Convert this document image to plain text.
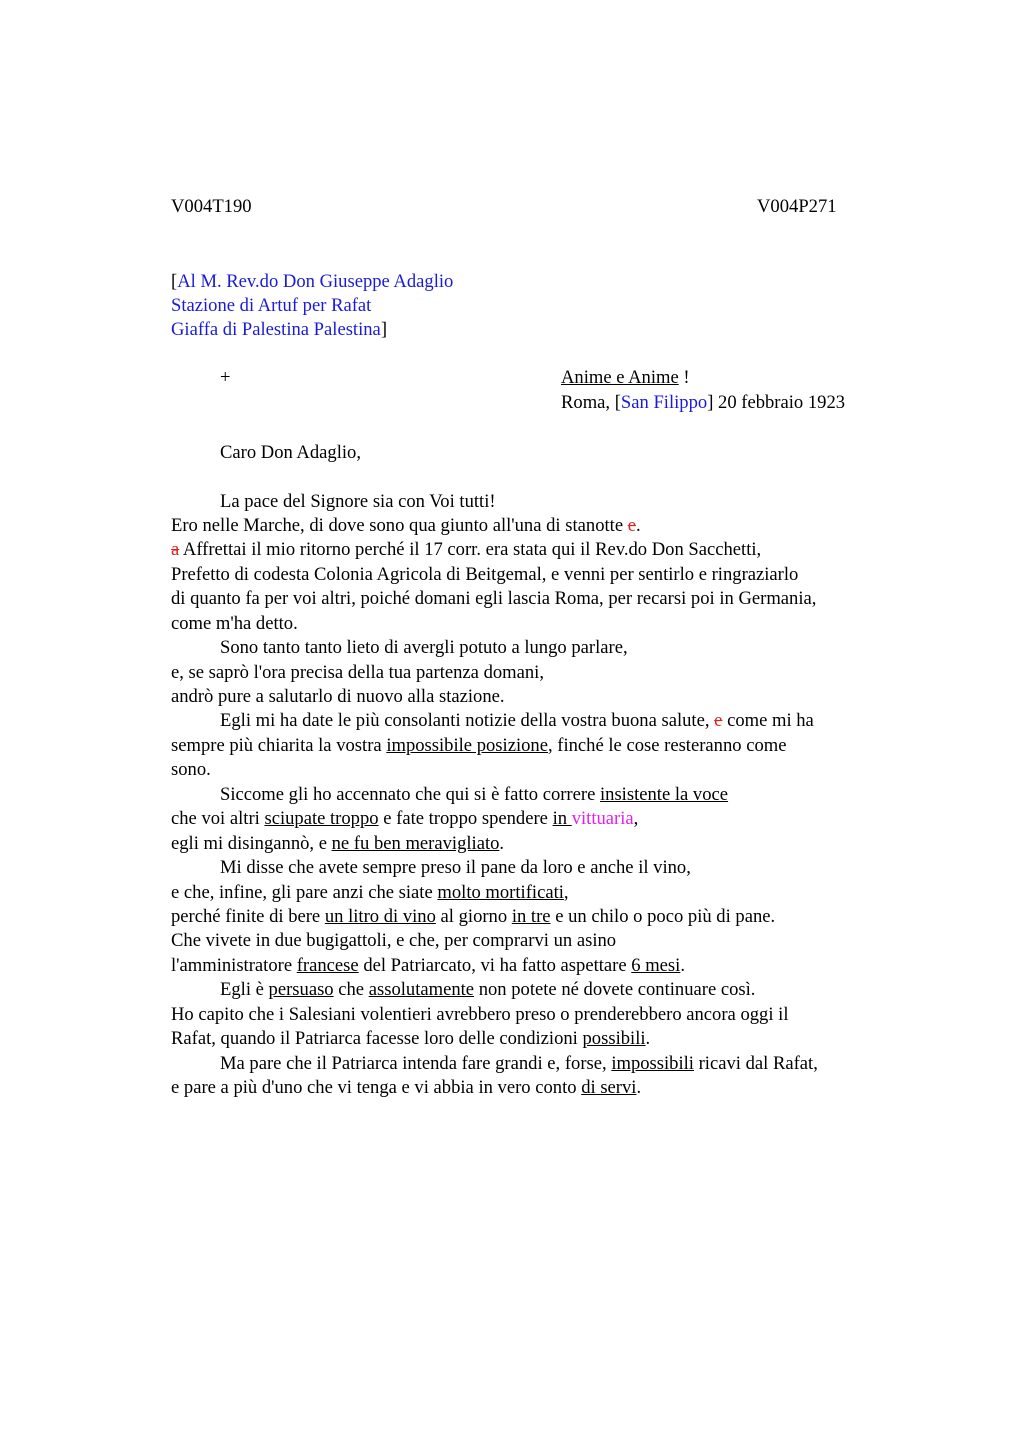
V004T190	V004P271
[Al M. Rev.do Don Giuseppe Adaglio
Stazione di Artuf per Rafat
Giaffa di Palestina Palestina]
+	Anime e Anime !
Roma, [San Filippo] 20 febbraio 1923
Caro Don Adaglio,
La pace del Signore sia con Voi tutti!
Ero nelle Marche, di dove sono qua giunto all'una di stanotte e.
a Affrettai il mio ritorno perché il 17 corr. era stata qui il Rev.do Don Sacchetti,
Prefetto di codesta Colonia Agricola di Beitgemal, e venni per sentirlo e ringraziarlo
di quanto fa per voi altri, poiché domani egli lascia Roma, per recarsi poi in Germania,
come m'ha detto.
Sono tanto tanto lieto di avergli potuto a lungo parlare,
e, se saprò l'ora precisa della tua partenza domani,
andrò pure a salutarlo di nuovo alla stazione.
Egli mi ha date le più consolanti notizie della vostra buona salute, e come mi ha
sempre più chiarita la vostra impossibile posizione, finché le cose resteranno come
sono.
Siccome gli ho accennato che qui si è fatto correre insistente la voce
che voi altri sciupate troppo e fate troppo spendere in vittuaria,
egli mi disingannò, e ne fu ben meravigliato.
Mi disse che avete sempre preso il pane da loro e anche il vino,
e che, infine, gli pare anzi che siate molto mortificati,
perché finite di bere un litro di vino al giorno in tre e un chilo o poco più di pane.
Che vivete in due bugigattoli, e che, per comprarvi un asino
l'amministratore francese del Patriarcato, vi ha fatto aspettare 6 mesi.
Egli è persuaso che assolutamente non potete né dovete continuare così.
Ho capito che i Salesiani volentieri avrebbero preso o prenderebbero ancora oggi il
Rafat, quando il Patriarca facesse loro delle condizioni possibili.
Ma pare che il Patriarca intenda fare grandi e, forse, impossibili ricavi dal Rafat,
e pare a più d'uno che vi tenga e vi abbia in vero conto di servi.
